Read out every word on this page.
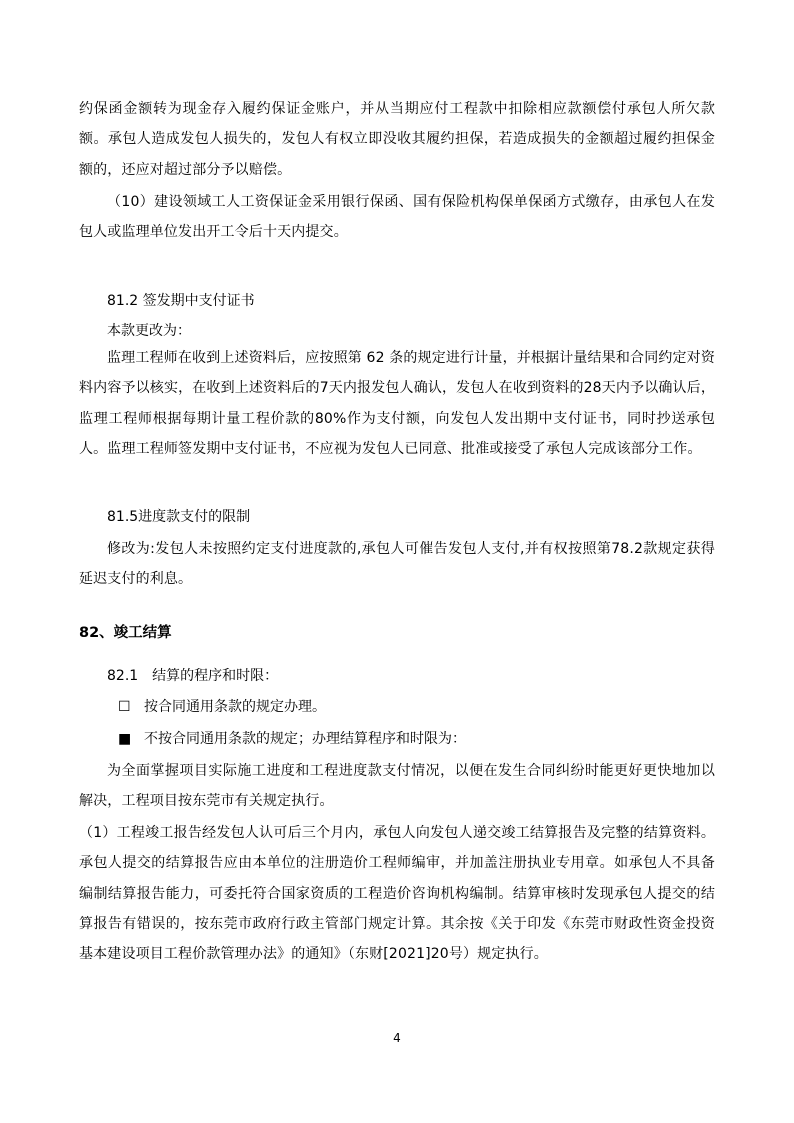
约保函金额转为现金存入履约保证金账户，并从当期应付工程款中扣除相应款额偿付承包人所欠款额。承包人造成发包人损失的，发包人有权立即没收其履约担保，若造成损失的金额超过履约担保金额的，还应对超过部分予以赔偿。
（10）建设领域工人工资保证金采用银行保函、国有保险机构保单保函方式缴存，由承包人在发包人或监理单位发出开工令后十天内提交。
81.2 签发期中支付证书
本款更改为：
监理工程师在收到上述资料后，应按照第 62 条的规定进行计量，并根据计量结果和合同约定对资料内容予以核实，在收到上述资料后的7天内报发包人确认，发包人在收到资料的28天内予以确认后，监理工程师根据每期计量工程价款的80%作为支付额，向发包人发出期中支付证书，同时抄送承包人。监理工程师签发期中支付证书，不应视为发包人已同意、批准或接受了承包人完成该部分工作。
81.5进度款支付的限制
修改为:发包人未按照约定支付进度款的,承包人可催告发包人支付,并有权按照第78.2款规定获得延迟支付的利息。
82、竣工结算
82.1　结算的程序和时限：
☐ 按合同通用条款的规定办理。
■ 不按合同通用条款的规定；办理结算程序和时限为：
为全面掌握项目实际施工进度和工程进度款支付情况，以便在发生合同纠纷时能更好更快地加以解决，工程项目按东莞市有关规定执行。
（1）工程竣工报告经发包人认可后三个月内，承包人向发包人递交竣工结算报告及完整的结算资料。承包人提交的结算报告应由本单位的注册造价工程师编审，并加盖注册执业专用章。如承包人不具备编制结算报告能力，可委托符合国家资质的工程造价咨询机构编制。结算审核时发现承包人提交的结算报告有错误的，按东莞市政府行政主管部门规定计算。其余按《关于印发《东莞市财政性资金投资基本建设项目工程价款管理办法》的通知》（东财[2021]20号）规定执行。
4
